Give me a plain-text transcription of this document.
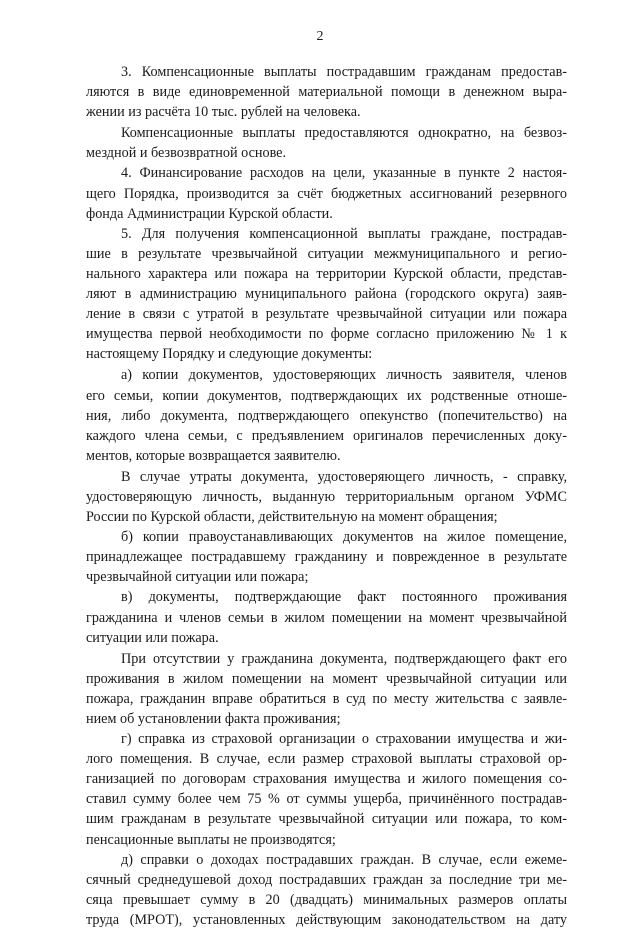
2
3. Компенсационные выплаты пострадавшим гражданам предостав-
ляются в виде единовременной материальной помощи в денежном выра-
жении из расчёта 10 тыс. рублей на человека.
Компенсационные выплаты предоставляются однократно, на безвоз-
мездной и безвозвратной основе.
4. Финансирование расходов на цели, указанные в пункте 2 настоя-
щего Порядка, производится за счёт бюджетных ассигнований резервного
фонда Администрации Курской области.
5. Для получения компенсационной выплаты граждане, пострадав-
шие в результате чрезвычайной ситуации межмуниципального и регио-
нального характера или пожара на территории Курской области, представ-
ляют в администрацию муниципального района (городского округа) заяв-
ление в связи с утратой в результате чрезвычайной ситуации или пожара
имущества первой необходимости по форме согласно приложению № 1 к
настоящему Порядку и следующие документы:
а) копии документов, удостоверяющих личность заявителя, членов
его семьи, копии документов, подтверждающих их родственные отноше-
ния, либо документа, подтверждающего опекунство (попечительство) на
каждого члена семьи, с предъявлением оригиналов перечисленных доку-
ментов, которые возвращается заявителю.
В случае утраты документа, удостоверяющего личность, - справку,
удостоверяющую личность, выданную территориальным органом УФМС
России по Курской области, действительную на момент обращения;
б) копии правоустанавливающих документов на жилое помещение,
принадлежащее пострадавшему гражданину и поврежденное в результате
чрезвычайной ситуации или пожара;
в) документы, подтверждающие факт постоянного проживания
гражданина и членов семьи в жилом помещении на момент чрезвычайной
ситуации или пожара.
При отсутствии у гражданина документа, подтверждающего факт его
проживания в жилом помещении на момент чрезвычайной ситуации или
пожара, гражданин вправе обратиться в суд по месту жительства с заявле-
нием об установлении факта проживания;
г) справка из страховой организации о страховании имущества и жи-
лого помещения. В случае, если размер страховой выплаты страховой ор-
ганизацией по договорам страхования имущества и жилого помещения со-
ставил сумму более чем 75 % от суммы ущерба, причинённого пострадав-
шим гражданам в результате чрезвычайной ситуации или пожара, то ком-
пенсационные выплаты не производятся;
д) справки о доходах пострадавших граждан. В случае, если ежеме-
сячный среднедушевой доход пострадавших граждан за последние три ме-
сяца превышает сумму в 20 (двадцать) минимальных размеров оплаты
труда (МРОТ), установленных действующим законодательством на дату
